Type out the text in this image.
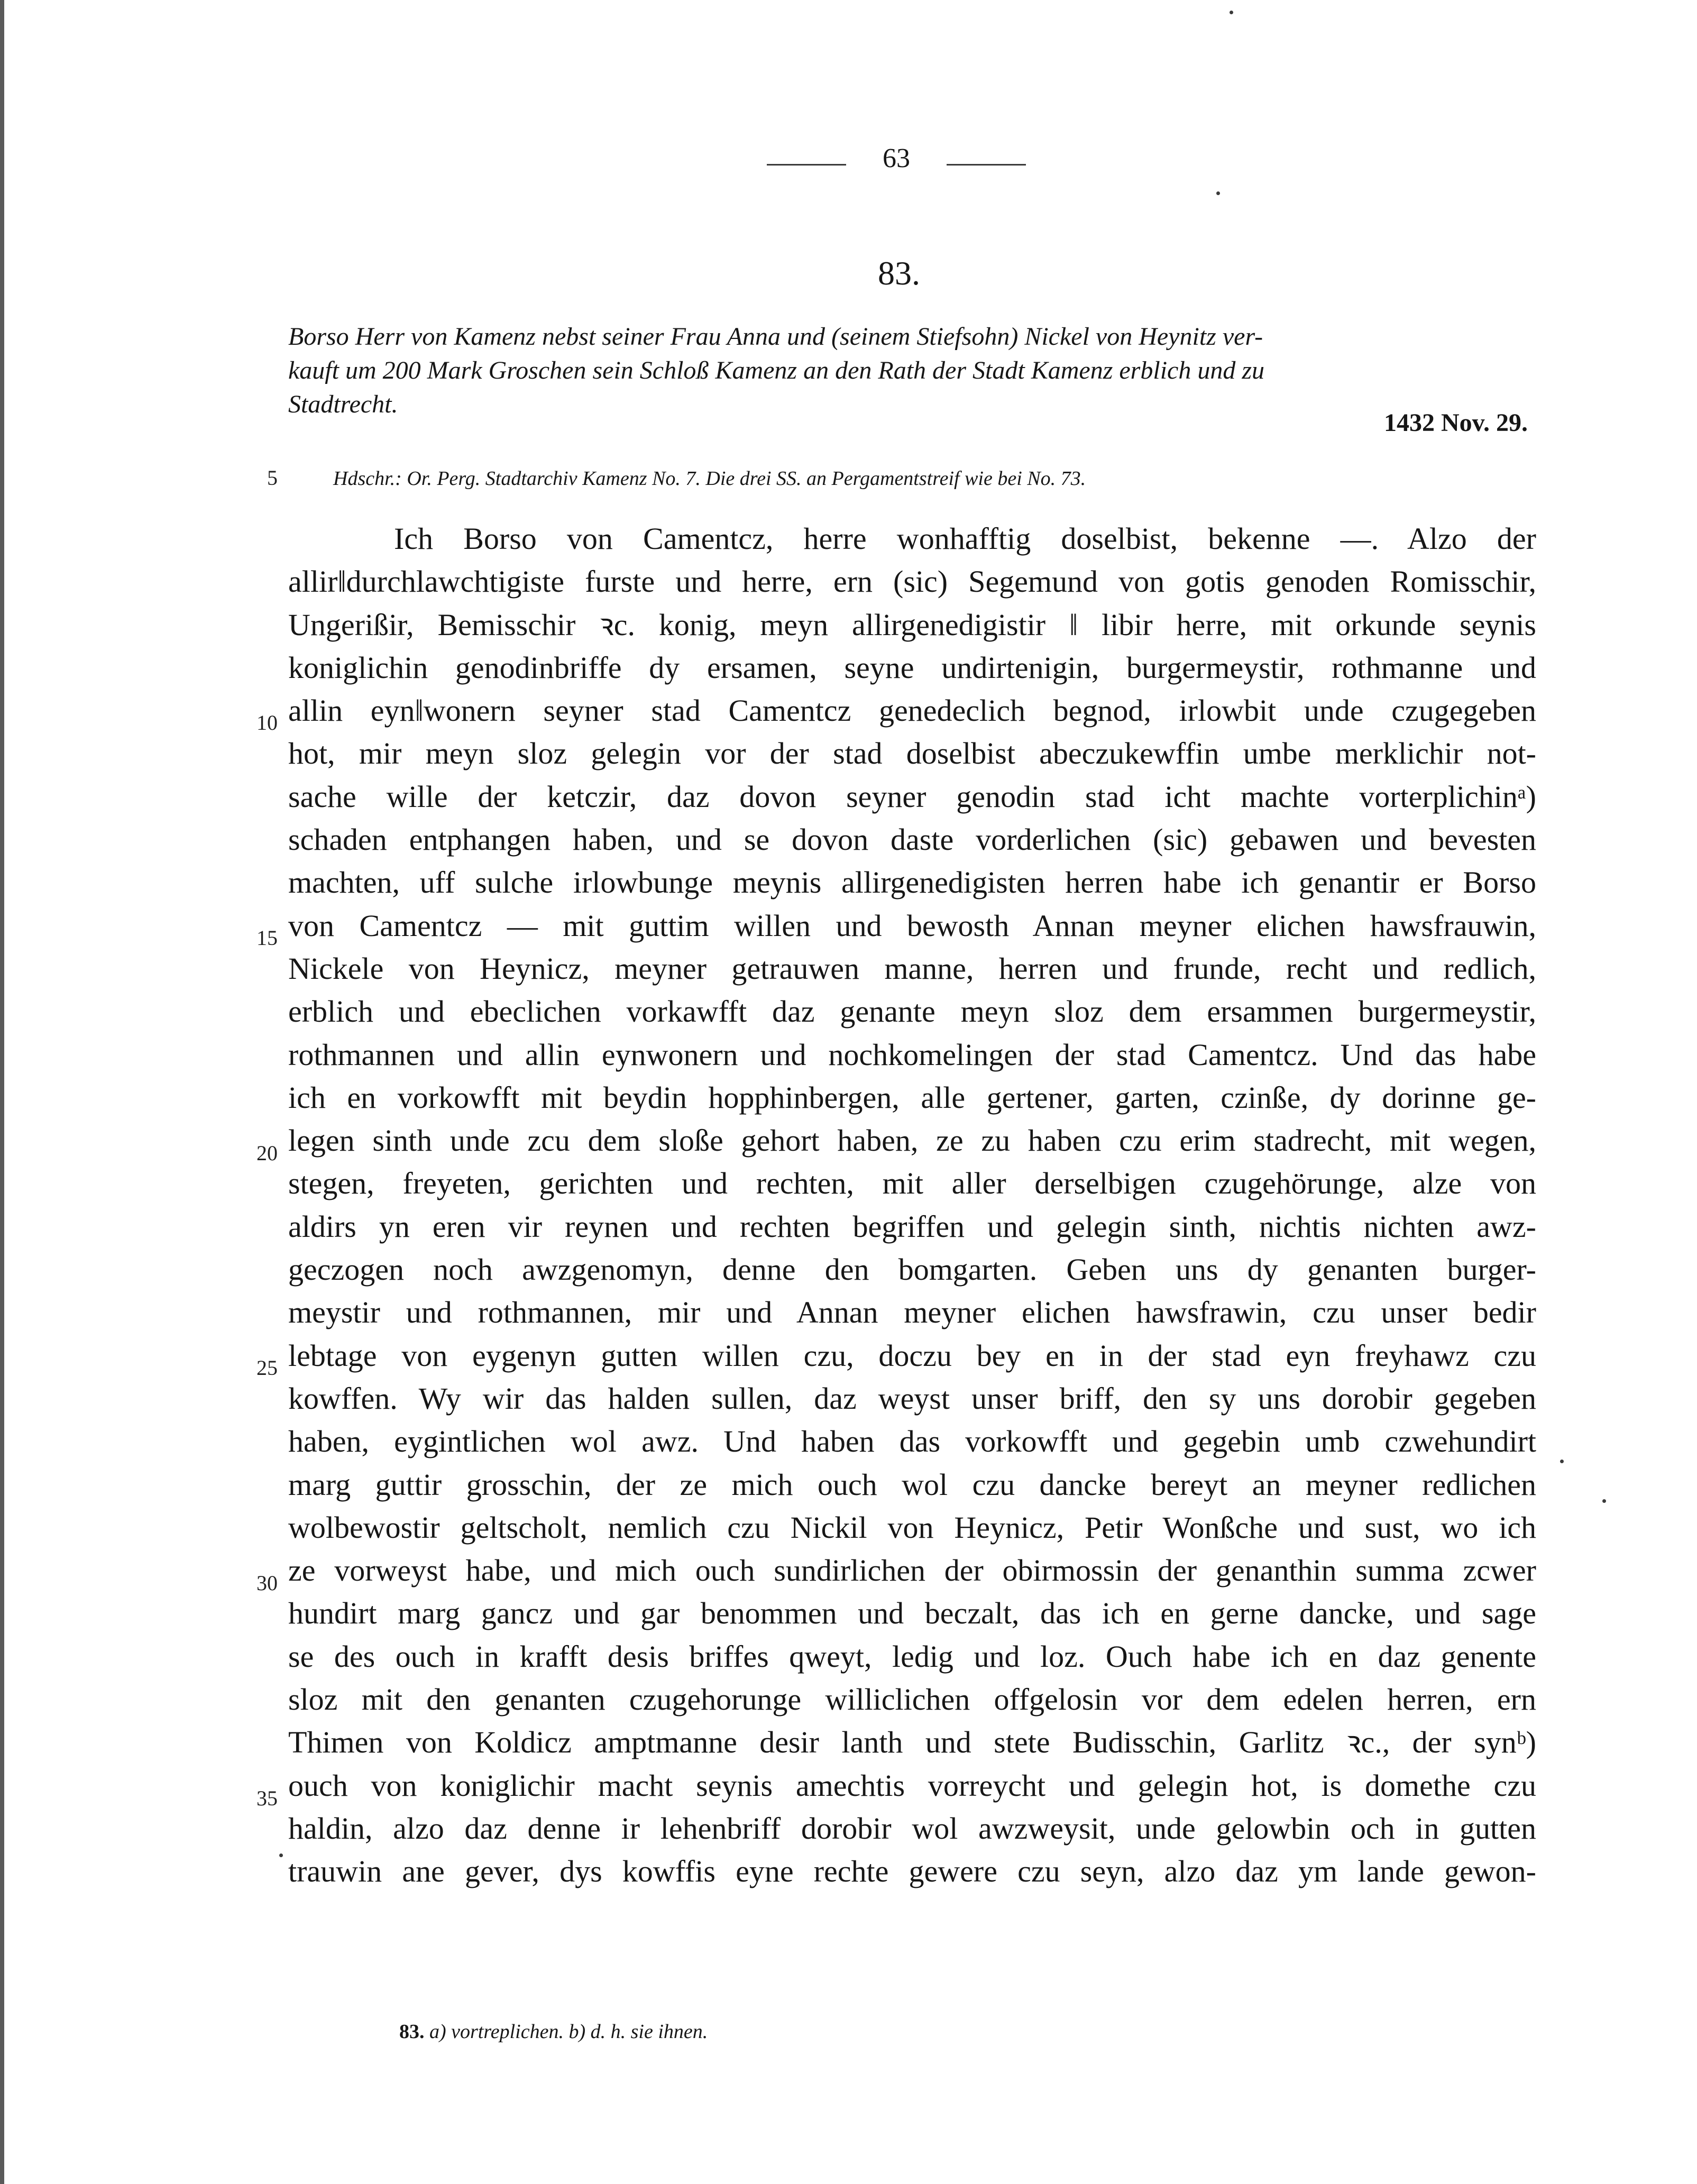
63
83.
Borso Herr von Kamenz nebst seiner Frau Anna und (seinem Stiefsohn) Nickel von Heynitz ver-
kauft um 200 Mark Groschen sein Schloß Kamenz an den Rath der Stadt Kamenz erblich und zu
Stadtrecht.
1432 Nov. 29.
5	Hdschr.: Or. Perg. Stadtarchiv Kamenz No. 7. Die drei SS. an Pergamentstreif wie bei No. 73.
10
15
20
25
30
35
Ich Borso von Camentcz, herre wonhafftig doselbist, bekenne —. Alzo der
allir‖durchlawchtigiste furste und herre, ern (sic) Segemund von gotis genoden Romisschir,
Ungerißir, Bemisschir ꝛc. konig, meyn allirgenedigistir ‖ libir herre, mit orkunde seynis
koniglichin genodinbriffe dy ersamen, seyne undirtenigin, burgermeystir, rothmanne und
allin eyn‖wonern seyner stad Camentcz genedeclich begnod, irlowbit unde czugegeben
hot, mir meyn sloz gelegin vor der stad doselbist abeczukewffin umbe merklichir not-
sache wille der ketczir, daz dovon seyner genodin stad icht machte vorterplichinᵃ)
schaden entphangen haben, und se dovon daste vorderlichen (sic) gebawen und bevesten
machten, uff sulche irlowbunge meynis allirgenedigisten herren habe ich genantir er Borso
von Camentcz — mit guttim willen und bewosth Annan meyner elichen hawsfrauwin,
Nickele von Heynicz, meyner getrauwen manne, herren und frunde, recht und redlich,
erblich und ebeclichen vorkawfft daz genante meyn sloz dem ersammen burgermeystir,
rothmannen und allin eynwonern und nochkomelingen der stad Camentcz. Und das habe
ich en vorkowfft mit beydin hopphinbergen, alle gertener, garten, czinße, dy dorinne ge-
legen sinth unde zcu dem sloße gehort haben, ze zu haben czu erim stadrecht, mit wegen,
stegen, freyeten, gerichten und rechten, mit aller derselbigen czugehörunge, alze von
aldirs yn eren vir reynen und rechten begriffen und gelegin sinth, nichtis nichten awz-
geczogen noch awzgenomyn, denne den bomgarten. Geben uns dy genanten burger-
meystir und rothmannen, mir und Annan meyner elichen hawsfrawin, czu unser bedir
lebtage von eygenyn gutten willen czu, doczu bey en in der stad eyn freyhawz czu
kowffen. Wy wir das halden sullen, daz weyst unser briff, den sy uns dorobir gegeben
haben, eygintlichen wol awz. Und haben das vorkowfft und gegebin umb czwehundirt
marg guttir grosschin, der ze mich ouch wol czu dancke bereyt an meyner redlichen
wolbewostir geltscholt, nemlich czu Nickil von Heynicz, Petir Wonßche und sust, wo ich
ze vorweyst habe, und mich ouch sundirlichen der obirmossin der genanthin summa zcwer
hundirt marg gancz und gar benommen und beczalt, das ich en gerne dancke, und sage
se des ouch in krafft desis briffes qweyt, ledig und loz. Ouch habe ich en daz genente
sloz mit den genanten czugehorunge williclichen offgelosin vor dem edelen herren, ern
Thimen von Koldicz amptmanne desir lanth und stete Budisschin, Garlitz ꝛc., der synᵇ)
ouch von koniglichir macht seynis amechtis vorreycht und gelegin hot, is domethe czu
haldin, alzo daz denne ir lehenbriff dorobir wol awzweysit, unde gelowbin och in gutten
trauwin ane gever, dys kowffis eyne rechte gewere czu seyn, alzo daz ym lande gewon-
83. a) vortreplichen. b) d. h. sie ihnen.
